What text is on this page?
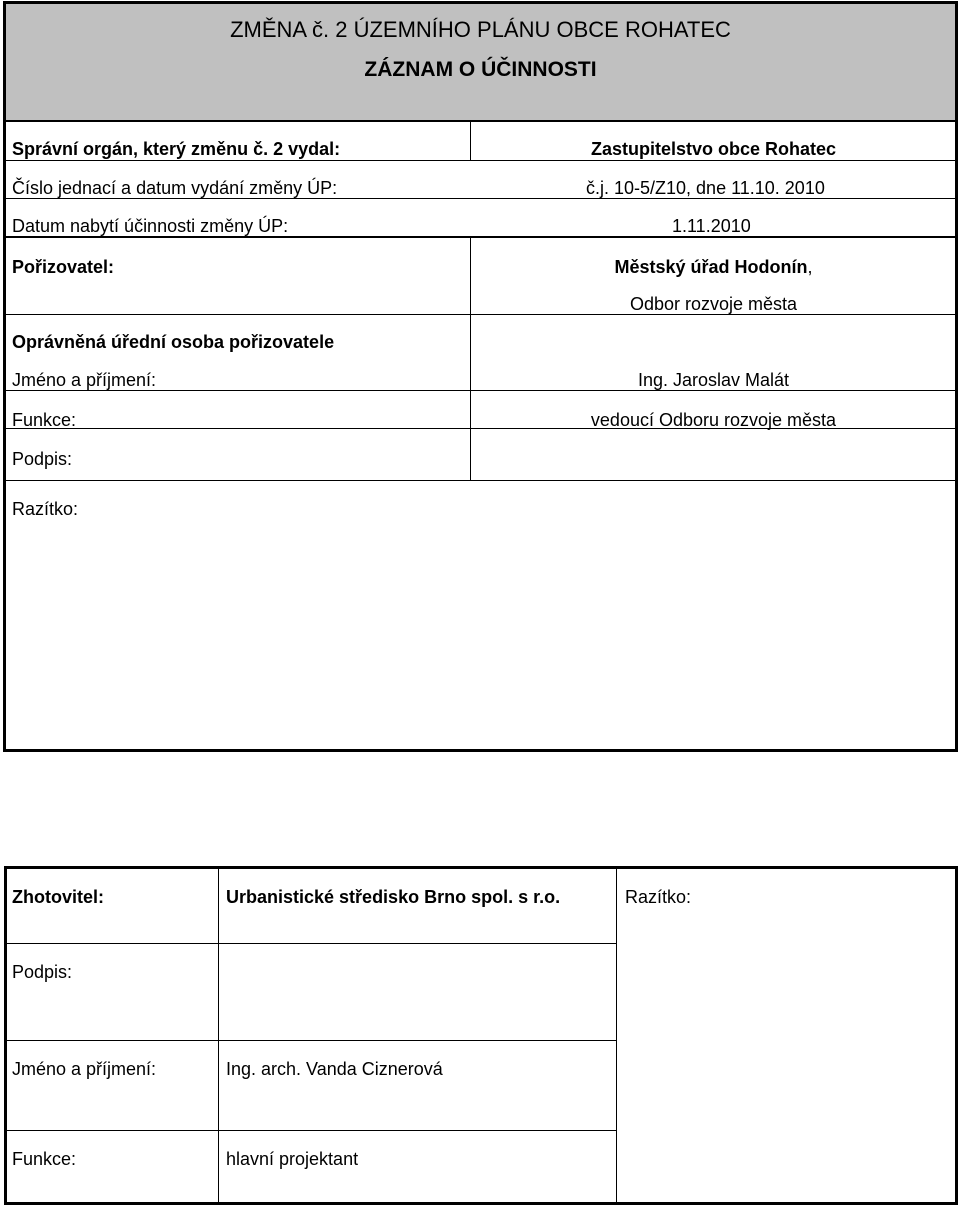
ZMĚNA č. 2 ÚZEMNÍHO PLÁNU OBCE ROHATEC
ZÁZNAM O ÚČINNOSTI
Správní orgán, který změnu č. 2 vydal:	Zastupitelstvo obce Rohatec
Číslo jednací a datum vydání změny ÚP:	č.j. 10-5/Z10, dne 11.10. 2010
Datum nabytí účinnosti změny ÚP:	1.11.2010
Pořizovatel:	Městský úřad Hodonín,
Odbor rozvoje města
Oprávněná úřední osoba pořizovatele
Jméno a příjmení:	Ing. Jaroslav Malát
Funkce:	vedoucí Odboru rozvoje města
Podpis:
Razítko:
Zhotovitel:	Urbanistické středisko Brno spol. s r.o.	Razítko:
Podpis:
Jméno a příjmení:	Ing. arch. Vanda Ciznerová
Funkce:	hlavní projektant
